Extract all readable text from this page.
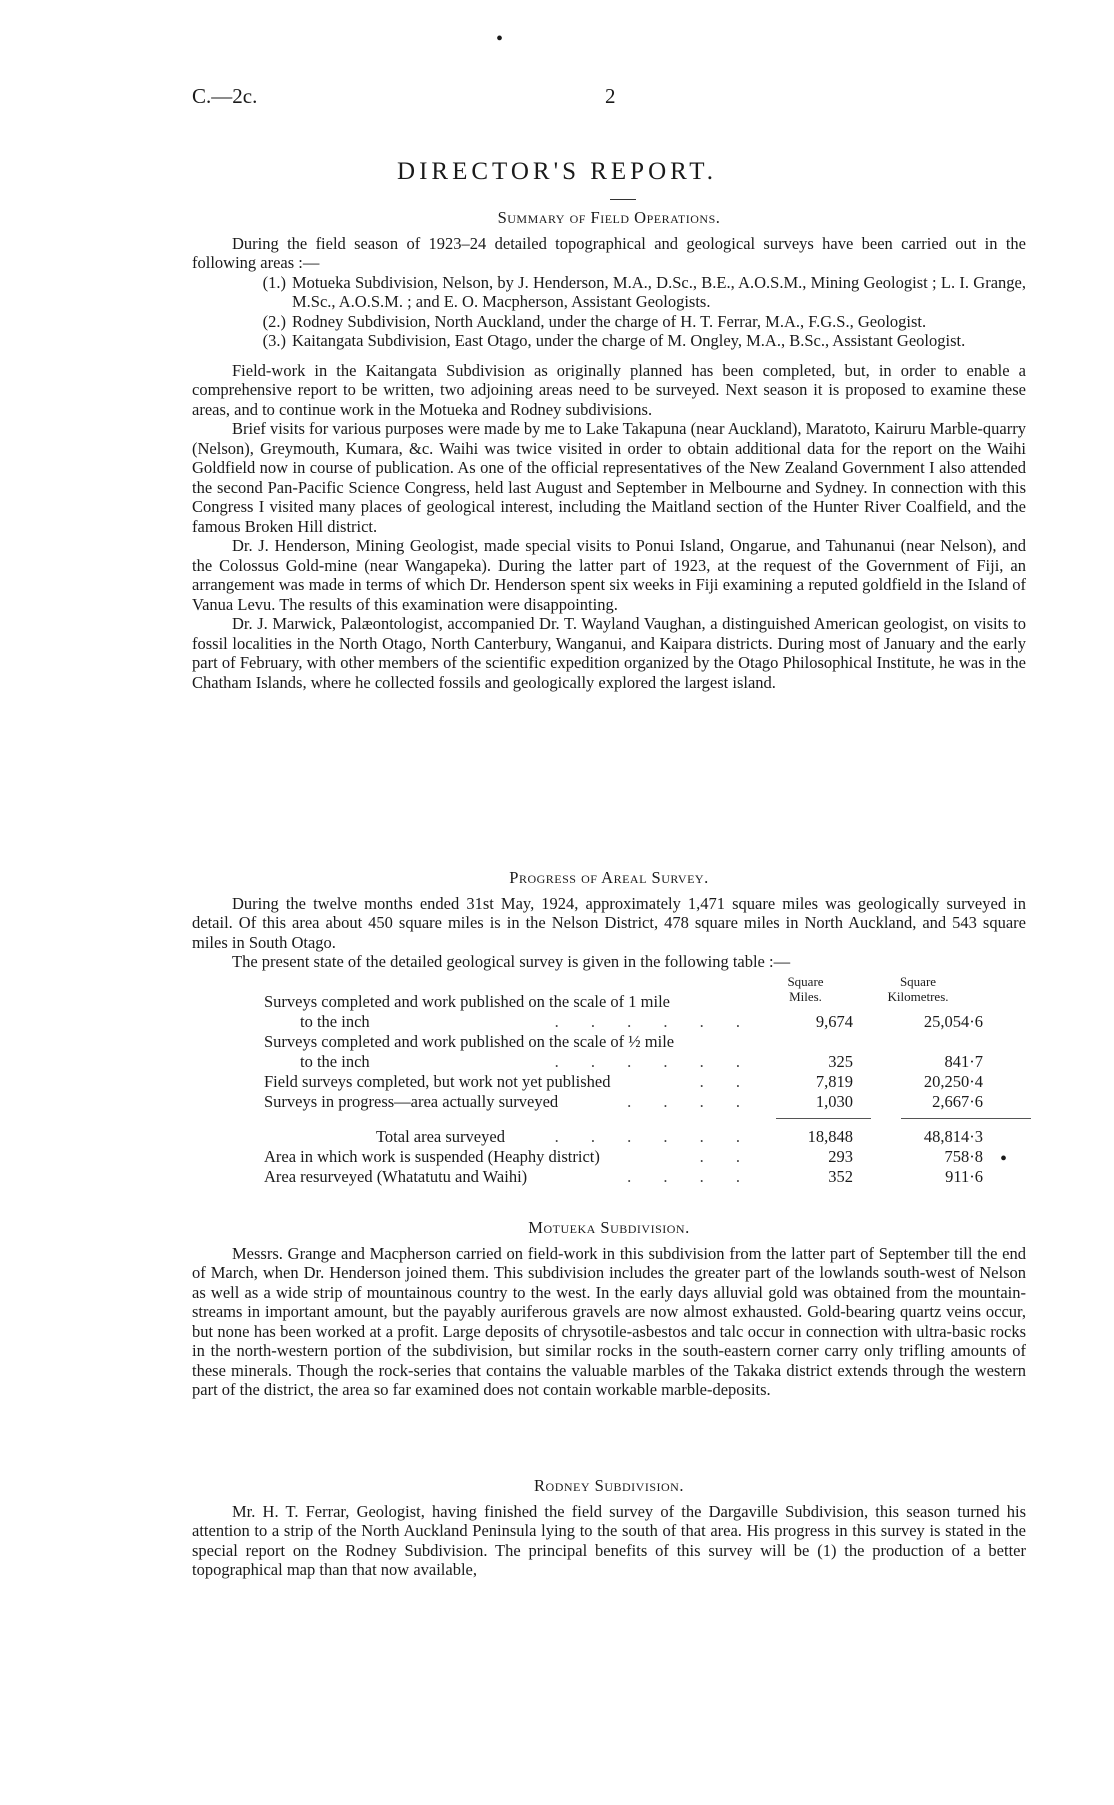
•
C.—2c.	2
DIRECTOR'S REPORT.
Summary of Field Operations.

During the field season of 1923–24 detailed topographical and geological surveys have been carried out in the following areas :—

(1.) Motueka Subdivision, Nelson, by J. Henderson, M.A., D.Sc., B.E., A.O.S.M., Mining Geologist ; L. I. Grange, M.Sc., A.O.S.M. ; and E. O. Macpherson, Assistant Geologists.
(2.) Rodney Subdivision, North Auckland, under the charge of H. T. Ferrar, M.A., F.G.S., Geologist.
(3.) Kaitangata Subdivision, East Otago, under the charge of M. Ongley, M.A., B.Sc., Assistant Geologist.

Field-work in the Kaitangata Subdivision as originally planned has been completed, but, in order to enable a comprehensive report to be written, two adjoining areas need to be surveyed. Next season it is proposed to examine these areas, and to continue work in the Motueka and Rodney subdivisions.

Brief visits for various purposes were made by me to Lake Takapuna (near Auckland), Maratoto, Kairuru Marble-quarry (Nelson), Greymouth, Kumara, &c. Waihi was twice visited in order to obtain additional data for the report on the Waihi Goldfield now in course of publication. As one of the official representatives of the New Zealand Government I also attended the second Pan-Pacific Science Congress, held last August and September in Melbourne and Sydney. In connection with this Congress I visited many places of geological interest, including the Maitland section of the Hunter River Coalfield, and the famous Broken Hill district.

Dr. J. Henderson, Mining Geologist, made special visits to Ponui Island, Ongarue, and Tahunanui (near Nelson), and the Colossus Gold-mine (near Wangapeka). During the latter part of 1923, at the request of the Government of Fiji, an arrangement was made in terms of which Dr. Henderson spent six weeks in Fiji examining a reputed goldfield in the Island of Vanua Levu. The results of this examination were disappointing.

Dr. J. Marwick, Palæontologist, accompanied Dr. T. Wayland Vaughan, a distinguished American geologist, on visits to fossil localities in the North Otago, North Canterbury, Wanganui, and Kaipara districts. During most of January and the early part of February, with other members of the scientific expedition organized by the Otago Philosophical Institute, he was in the Chatham Islands, where he collected fossils and geologically explored the largest island.

Progress of Areal Survey.

During the twelve months ended 31st May, 1924, approximately 1,471 square miles was geologically surveyed in detail. Of this area about 450 square miles is in the Nelson District, 478 square miles in North Auckland, and 543 square miles in South Otago.

The present state of the detailed geological survey is given in the following table :—

Square
Miles.
Square
Kilometres.
Surveys completed and work published on the scale of 1 mile
to the inch	. . . . . .	9,674	25,054·6
Surveys completed and work published on the scale of ½ mile
to the inch	. . . . . .	325	841·7
Field surveys completed, but work not yet published	. .	7,819	20,250·4
Surveys in progress—area actually surveyed	. . . .	1,030	2,667·6
Total area surveyed	. . . . . .	18,848	48,814·3
Area in which work is suspended (Heaphy district)	. .	293	758·8
Area resurveyed (Whatatutu and Waihi)	. . . .	352	911·6
•
Motueka Subdivision.

Messrs. Grange and Macpherson carried on field-work in this subdivision from the latter part of September till the end of March, when Dr. Henderson joined them. This subdivision includes the greater part of the lowlands south-west of Nelson as well as a wide strip of mountainous country to the west. In the early days alluvial gold was obtained from the mountain-streams in important amount, but the payably auriferous gravels are now almost exhausted. Gold-bearing quartz veins occur, but none has been worked at a profit. Large deposits of chrysotile-asbestos and talc occur in connection with ultra-basic rocks in the north-western portion of the subdivision, but similar rocks in the south-eastern corner carry only trifling amounts of these minerals. Though the rock-series that contains the valuable marbles of the Takaka district extends through the western part of the district, the area so far examined does not contain workable marble-deposits.

Rodney Subdivision.

Mr. H. T. Ferrar, Geologist, having finished the field survey of the Dargaville Subdivision, this season turned his attention to a strip of the North Auckland Peninsula lying to the south of that area. His progress in this survey is stated in the special report on the Rodney Subdivision. The principal benefits of this survey will be (1) the production of a better topographical map than that now available,
